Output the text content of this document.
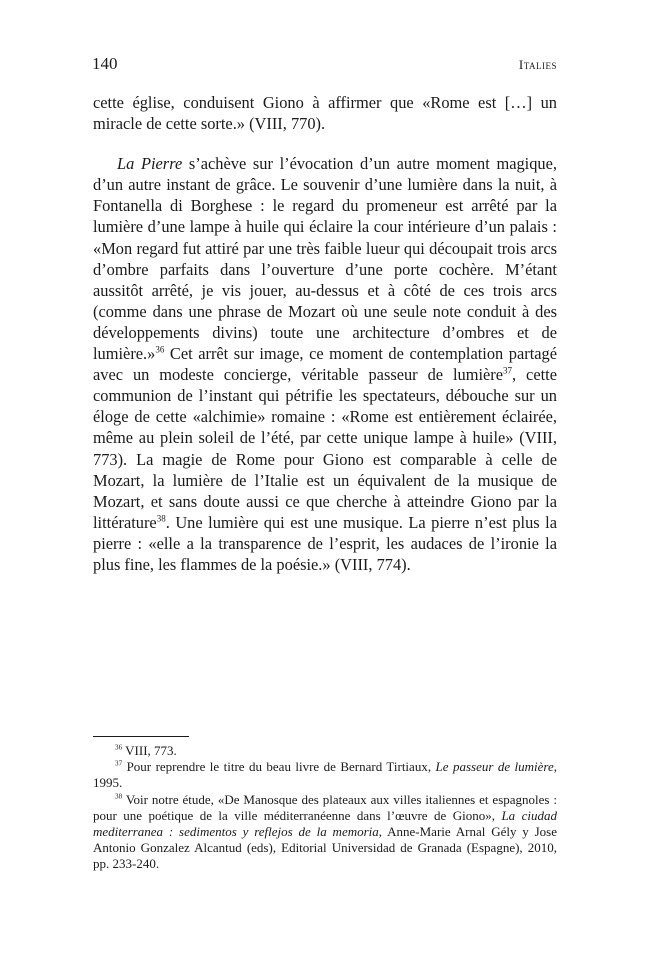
140	Italies

cette église, conduisent Giono à affirmer que «Rome est […] un miracle de cette sorte.» (VIII, 770).

La Pierre s’achève sur l’évocation d’un autre moment magique, d’un autre instant de grâce. Le souvenir d’une lumière dans la nuit, à Fontanella di Borghese : le regard du promeneur est arrêté par la lumière d’une lampe à huile qui éclaire la cour intérieure d’un palais : «Mon regard fut attiré par une très faible lueur qui découpait trois arcs d’ombre parfaits dans l’ouverture d’une porte cochère. M’étant aussitôt arrêté, je vis jouer, au-dessus et à côté de ces trois arcs (comme dans une phrase de Mozart où une seule note conduit à des développements divins) toute une architecture d’ombres et de lumière.»$^{36}$ Cet arrêt sur image, ce moment de contemplation partagé avec un modeste concierge, véritable passeur de lumière$^{37}$, cette communion de l’instant qui pétrifie les spectateurs, débouche sur un éloge de cette «alchimie» romaine : «Rome est entièrement éclairée, même au plein soleil de l’été, par cette unique lampe à huile» (VIII, 773). La magie de Rome pour Giono est comparable à celle de Mozart, la lumière de l’Italie est un équivalent de la musique de Mozart, et sans doute aussi ce que cherche à atteindre Giono par la littérature$^{38}$. Une lumière qui est une musique. La pierre n’est plus la pierre : «elle a la transparence de l’esprit, les audaces de l’ironie la plus fine, les flammes de la poésie.» (VIII, 774).

$^{36}$ VIII, 773.

$^{37}$ Pour reprendre le titre du beau livre de Bernard Tirtiaux, Le passeur de lumière, 1995.

$^{38}$ Voir notre étude, «De Manosque des plateaux aux villes italiennes et espagnoles : pour une poétique de la ville méditerranéenne dans l’œuvre de Giono», La ciudad mediterranea : sedimentos y reflejos de la memoria, Anne-Marie Arnal Gély y Jose Antonio Gonzalez Alcantud (eds), Editorial Universidad de Granada (Espagne), 2010, pp. 233-240.
